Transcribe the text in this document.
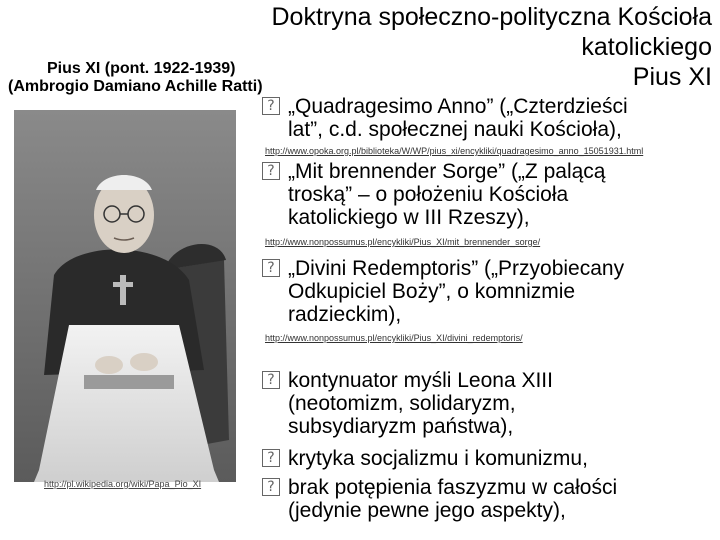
Doktryna społeczno-polityczna Kościoła
katolickiego
Pius XI
Pius XI (pont. 1922-1939)
(Ambrogio Damiano Achille Ratti)
http://pl.wikipedia.org/wiki/Papa_Pio_XI
? „Quadragesimo Anno” („Czterdzieści
lat”, c.d. społecznej nauki Kościoła),
http://www.opoka.org.pl/biblioteka/W/WP/pius_xi/encykliki/quadragesimo_anno_15051931.html
? „Mit brennender Sorge” („Z palącą
troską” – o położeniu Kościoła
katolickiego w III Rzeszy),
http://www.nonpossumus.pl/encykliki/Pius_XI/mit_brennender_sorge/
? „Divini Redemptoris” („Przyobiecany
Odkupiciel Boży”, o komnizmie
radzieckim),
http://www.nonpossumus.pl/encykliki/Pius_XI/divini_redemptoris/
? kontynuator myśli Leona XIII
(neotomizm, solidaryzm,
subsydiaryzm państwa),
? krytyka socjalizmu i komunizmu,
? brak potępienia faszyzmu w całości
(jedynie pewne jego aspekty),
